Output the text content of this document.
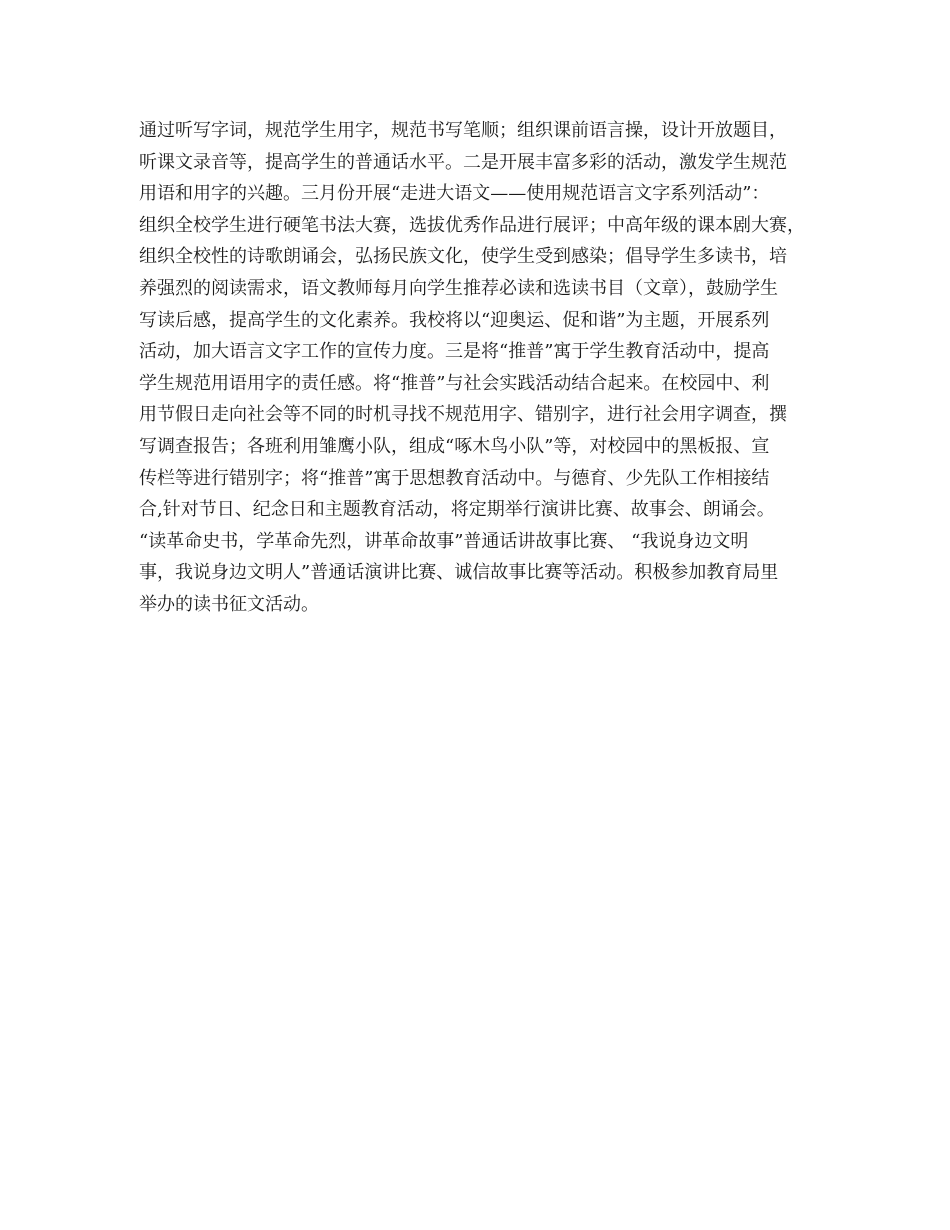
通过听写字词，规范学生用字，规范书写笔顺；组织课前语言操，设计开放题目，
听课文录音等，提高学生的普通话水平。二是开展丰富多彩的活动，激发学生规范
用语和用字的兴趣。三月份开展“走进大语文——使用规范语言文字系列活动”：
组织全校学生进行硬笔书法大赛，选拔优秀作品进行展评；中高年级的课本剧大赛，
组织全校性的诗歌朗诵会，弘扬民族文化，使学生受到感染；倡导学生多读书，培
养强烈的阅读需求，语文教师每月向学生推荐必读和选读书目（文章），鼓励学生
写读后感，提高学生的文化素养。我校将以“迎奥运、促和谐”为主题，开展系列
活动，加大语言文字工作的宣传力度。三是将“推普”寓于学生教育活动中，提高
学生规范用语用字的责任感。将“推普”与社会实践活动结合起来。在校园中、利
用节假日走向社会等不同的时机寻找不规范用字、错别字，进行社会用字调查，撰
写调查报告；各班利用雏鹰小队，组成“啄木鸟小队”等，对校园中的黑板报、宣
传栏等进行错别字；将“推普”寓于思想教育活动中。与德育、少先队工作相接结
合,针对节日、纪念日和主题教育活动，将定期举行演讲比赛、故事会、朗诵会。
“读革命史书，学革命先烈，讲革命故事”普通话讲故事比赛、 “我说身边文明
事，我说身边文明人”普通话演讲比赛、诚信故事比赛等活动。积极参加教育局里
举办的读书征文活动。
